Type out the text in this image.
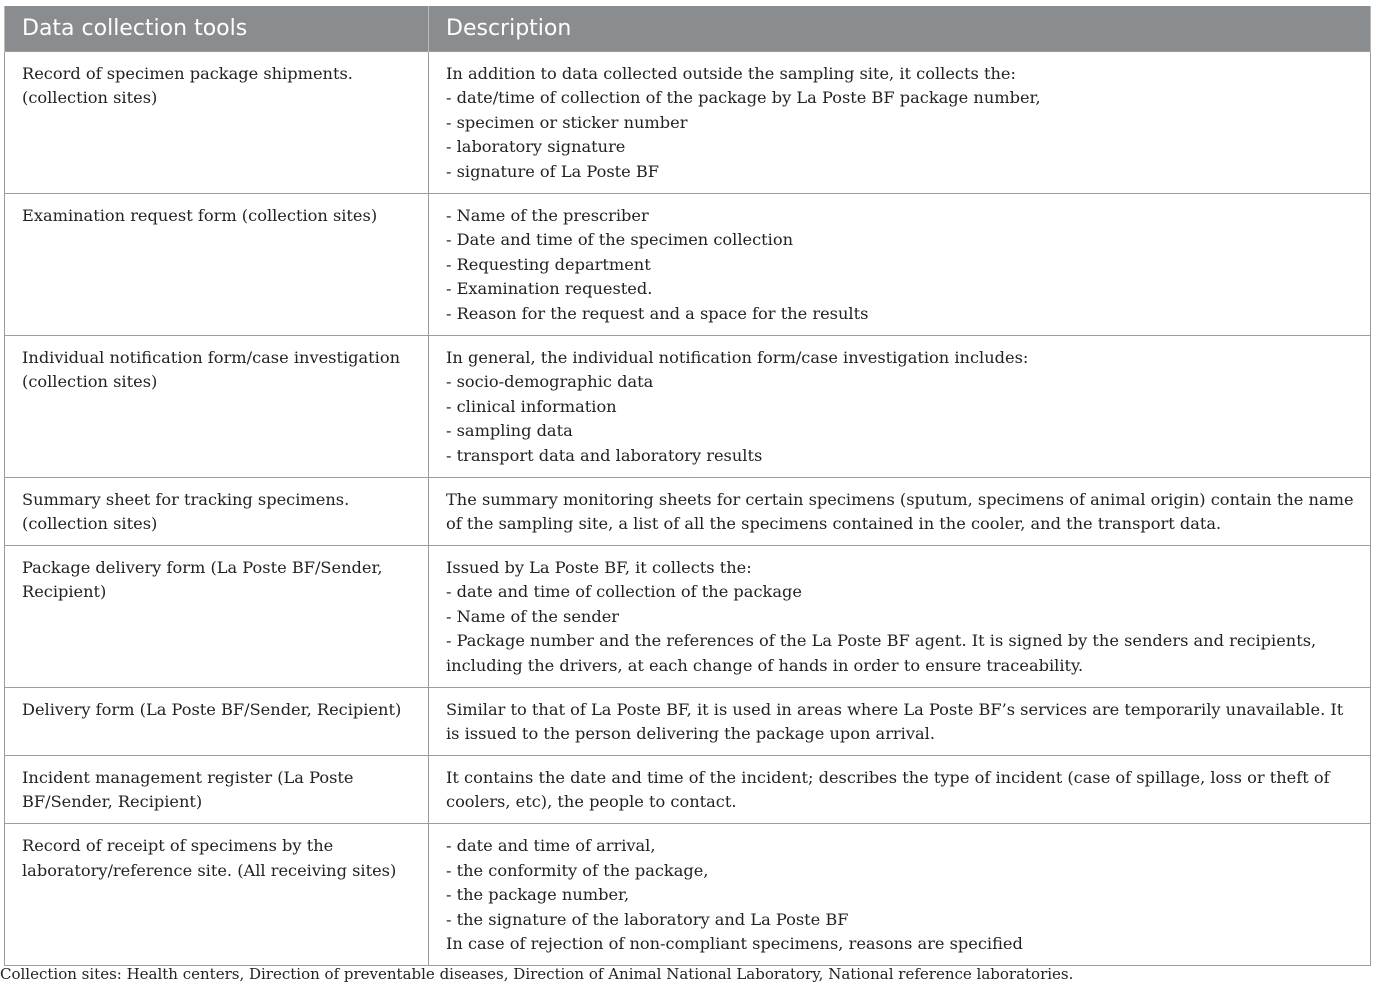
Data collection tools	Description
Record of specimen package shipments. (collection sites)	In addition to data collected outside the sampling site, it collects the:
- date/time of collection of the package by La Poste BF package number,
- specimen or sticker number
- laboratory signature
- signature of La Poste BF

Examination request form (collection sites)	- Name of the prescriber
- Date and time of the specimen collection
- Requesting department
- Examination requested.
- Reason for the request and a space for the results

Individual notification form/case investigation (collection sites)	In general, the individual notification form/case investigation includes:
- socio-demographic data
- clinical information
- sampling data
- transport data and laboratory results

Summary sheet for tracking specimens. (collection sites)	The summary monitoring sheets for certain specimens (sputum, specimens of animal origin) contain the name of the sampling site, a list of all the specimens contained in the cooler, and the transport data.

Package delivery form (La Poste BF/Sender, Recipient)	Issued by La Poste BF, it collects the:
- date and time of collection of the package
- Name of the sender
- Package number and the references of the La Poste BF agent. It is signed by the senders and recipients, including the drivers, at each change of hands in order to ensure traceability.

Delivery form (La Poste BF/Sender, Recipient)	Similar to that of La Poste BF, it is used in areas where La Poste BF’s services are temporarily unavailable. It is issued to the person delivering the package upon arrival.

Incident management register (La Poste BF/Sender, Recipient)	It contains the date and time of the incident; describes the type of incident (case of spillage, loss or theft of coolers, etc), the people to contact.

Record of receipt of specimens by the laboratory/reference site. (All receiving sites)	- date and time of arrival,
- the conformity of the package,
- the package number,
- the signature of the laboratory and La Poste BF
In case of rejection of non-compliant specimens, reasons are specified
Collection sites: Health centers, Direction of preventable diseases, Direction of Animal National Laboratory, National reference laboratories.
